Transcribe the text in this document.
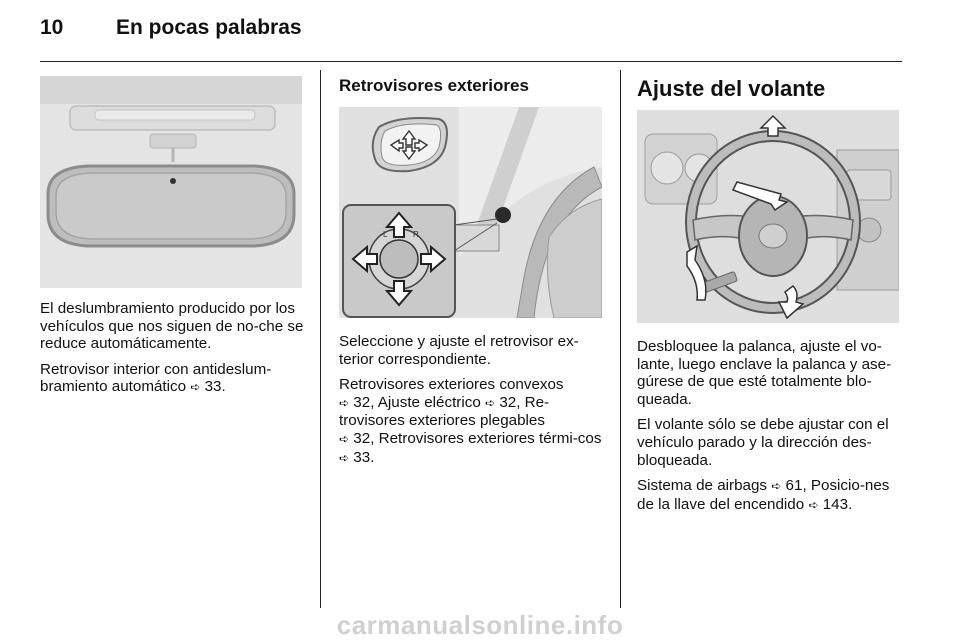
10	En pocas palabras

El deslumbramiento producido por los vehículos que nos siguen de no-che se reduce automáticamente.

Retrovisor interior con antideslum-bramiento automático ➪ 33.

Retrovisores exteriores
L	R

Seleccione y ajuste el retrovisor ex-terior correspondiente.

Retrovisores exteriores convexos
➪ 32, Ajuste eléctrico ➪ 32, Re-trovisores exteriores plegables
➪ 32, Retrovisores exteriores térmi-cos ➪ 33.

Ajuste del volante

Desbloquee la palanca, ajuste el vo-lante, luego enclave la palanca y ase-gúrese de que esté totalmente blo-queada.

El volante sólo se debe ajustar con el vehículo parado y la dirección des-bloqueada.

Sistema de airbags ➪ 61, Posicio-nes de la llave del encendido ➪ 143.

carmanualsonline.info
